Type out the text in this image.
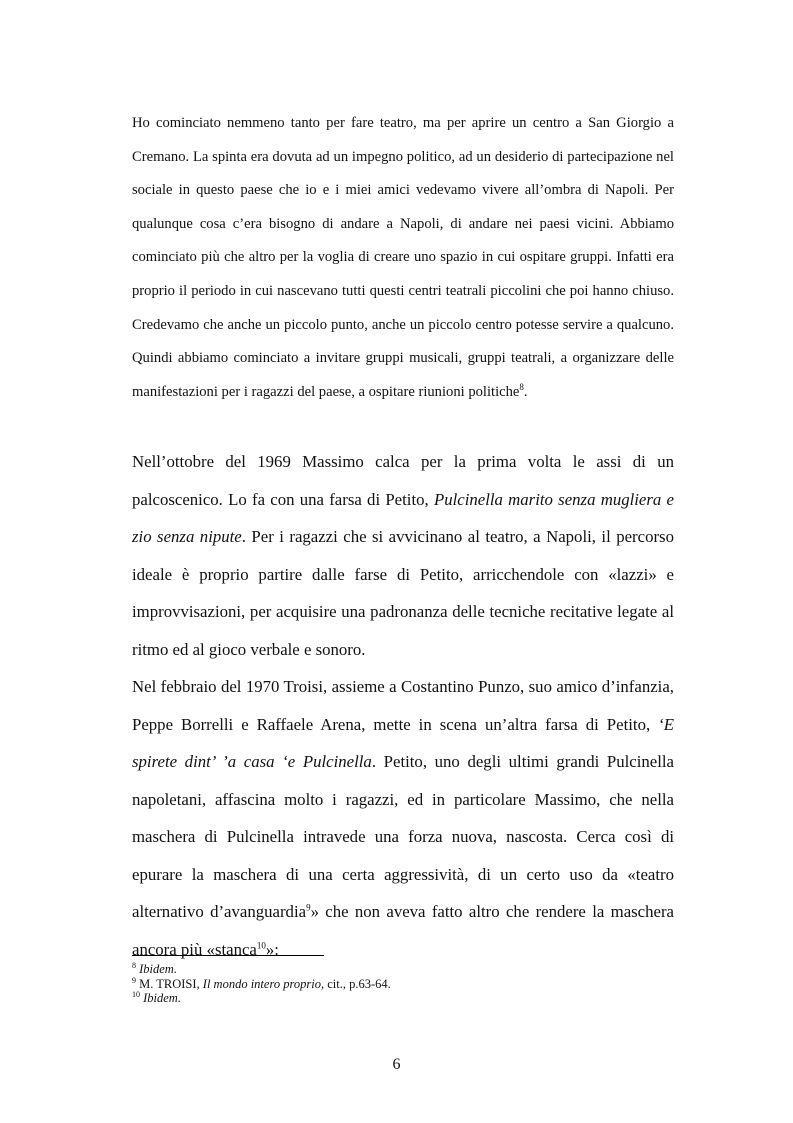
Ho cominciato nemmeno tanto per fare teatro, ma per aprire un centro a San Giorgio a Cremano. La spinta era dovuta ad un impegno politico, ad un desiderio di partecipazione nel sociale in questo paese che io e i miei amici vedevamo vivere all’ombra di Napoli. Per qualunque cosa c’era bisogno di andare a Napoli, di andare nei paesi vicini. Abbiamo cominciato più che altro per la voglia di creare uno spazio in cui ospitare gruppi. Infatti era proprio il periodo in cui nascevano tutti questi centri teatrali piccolini che poi hanno chiuso. Credevamo che anche un piccolo punto, anche un piccolo centro potesse servire a qualcuno. Quindi abbiamo cominciato a invitare gruppi musicali, gruppi teatrali, a organizzare delle manifestazioni per i ragazzi del paese, a ospitare riunioni politiche$^8$.

Nell’ottobre del 1969 Massimo calca per la prima volta le assi di un palcoscenico. Lo fa con una farsa di Petito, Pulcinella marito senza mugliera e zio senza nipute. Per i ragazzi che si avvicinano al teatro, a Napoli, il percorso ideale è proprio partire dalle farse di Petito, arricchendole con «lazzi» e improvvisazioni, per acquisire una padronanza delle tecniche recitative legate al ritmo ed al gioco verbale e sonoro.

Nel febbraio del 1970 Troisi, assieme a Costantino Punzo, suo amico d’infanzia, Peppe Borrelli e Raffaele Arena, mette in scena un’altra farsa di Petito, ‘E spirete dint’ ’a casa ‘e Pulcinella. Petito, uno degli ultimi grandi Pulcinella napoletani, affascina molto i ragazzi, ed in particolare Massimo, che nella maschera di Pulcinella intravede una forza nuova, nascosta. Cerca così di epurare la maschera di una certa aggressività, di un certo uso da «teatro alternativo d’avanguardia$^9$» che non aveva fatto altro che rendere la maschera ancora più «stanca$^{10}$»:

$^8$ Ibidem.
$^9$ M. TROISI, Il mondo intero proprio, cit., p.63-64.
$^{10}$ Ibidem.
6
